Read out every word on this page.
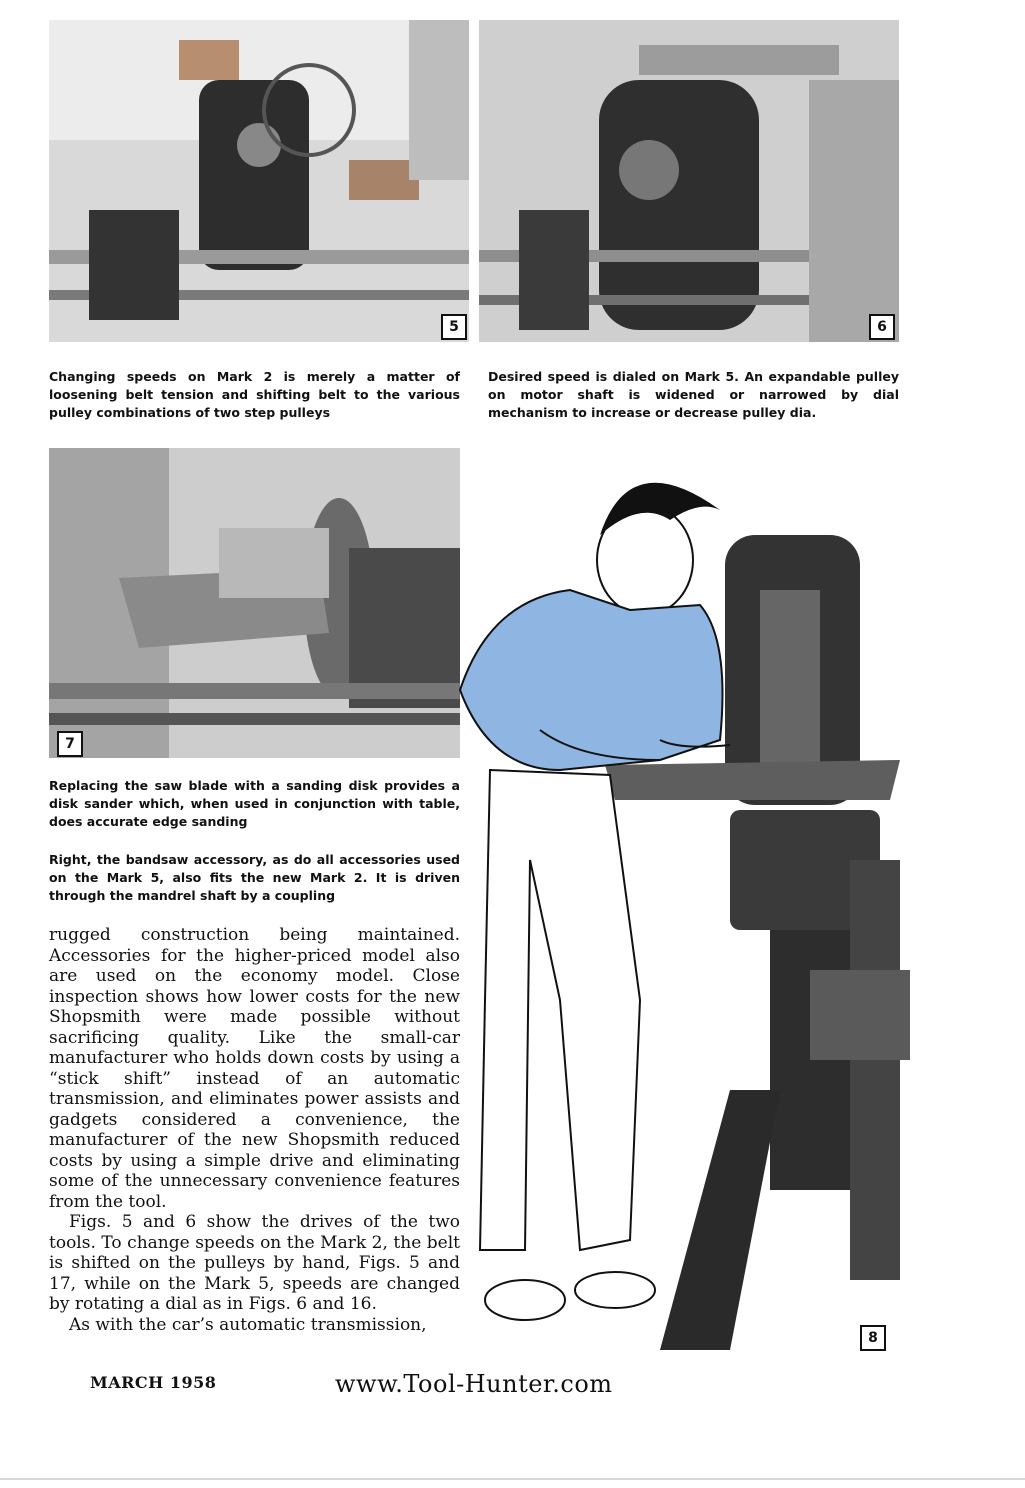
5	6
Changing speeds on Mark 2 is merely a matter of loosening belt tension and shifting belt to the various pulley combinations of two step pulleys
Desired speed is dialed on Mark 5. An expandable pulley on motor shaft is widened or narrowed by dial mechanism to increase or decrease pulley dia.
7
Replacing the saw blade with a sanding disk provides a disk sander which, when used in conjunction with table, does accurate edge sanding
Right, the bandsaw accessory, as do all accessories used on the Mark 5, also fits the new Mark 2. It is driven through the mandrel shaft by a coupling
8

rugged construction being maintained. Accessories for the higher-priced model also are used on the economy model. Close inspection shows how lower costs for the new Shopsmith were made possible without sacrificing quality. Like the small-car manufacturer who holds down costs by using a “stick shift” instead of an automatic transmission, and eliminates power assists and gadgets considered a convenience, the manufacturer of the new Shopsmith reduced costs by using a simple drive and eliminating some of the unnecessary convenience features from the tool.

Figs. 5 and 6 show the drives of the two tools. To change speeds on the Mark 2, the belt is shifted on the pulleys by hand, Figs. 5 and 17, while on the Mark 5, speeds are changed by rotating a dial as in Figs. 6 and 16.

As with the car’s automatic transmission,

MARCH 1958	www.Tool-Hunter.com
